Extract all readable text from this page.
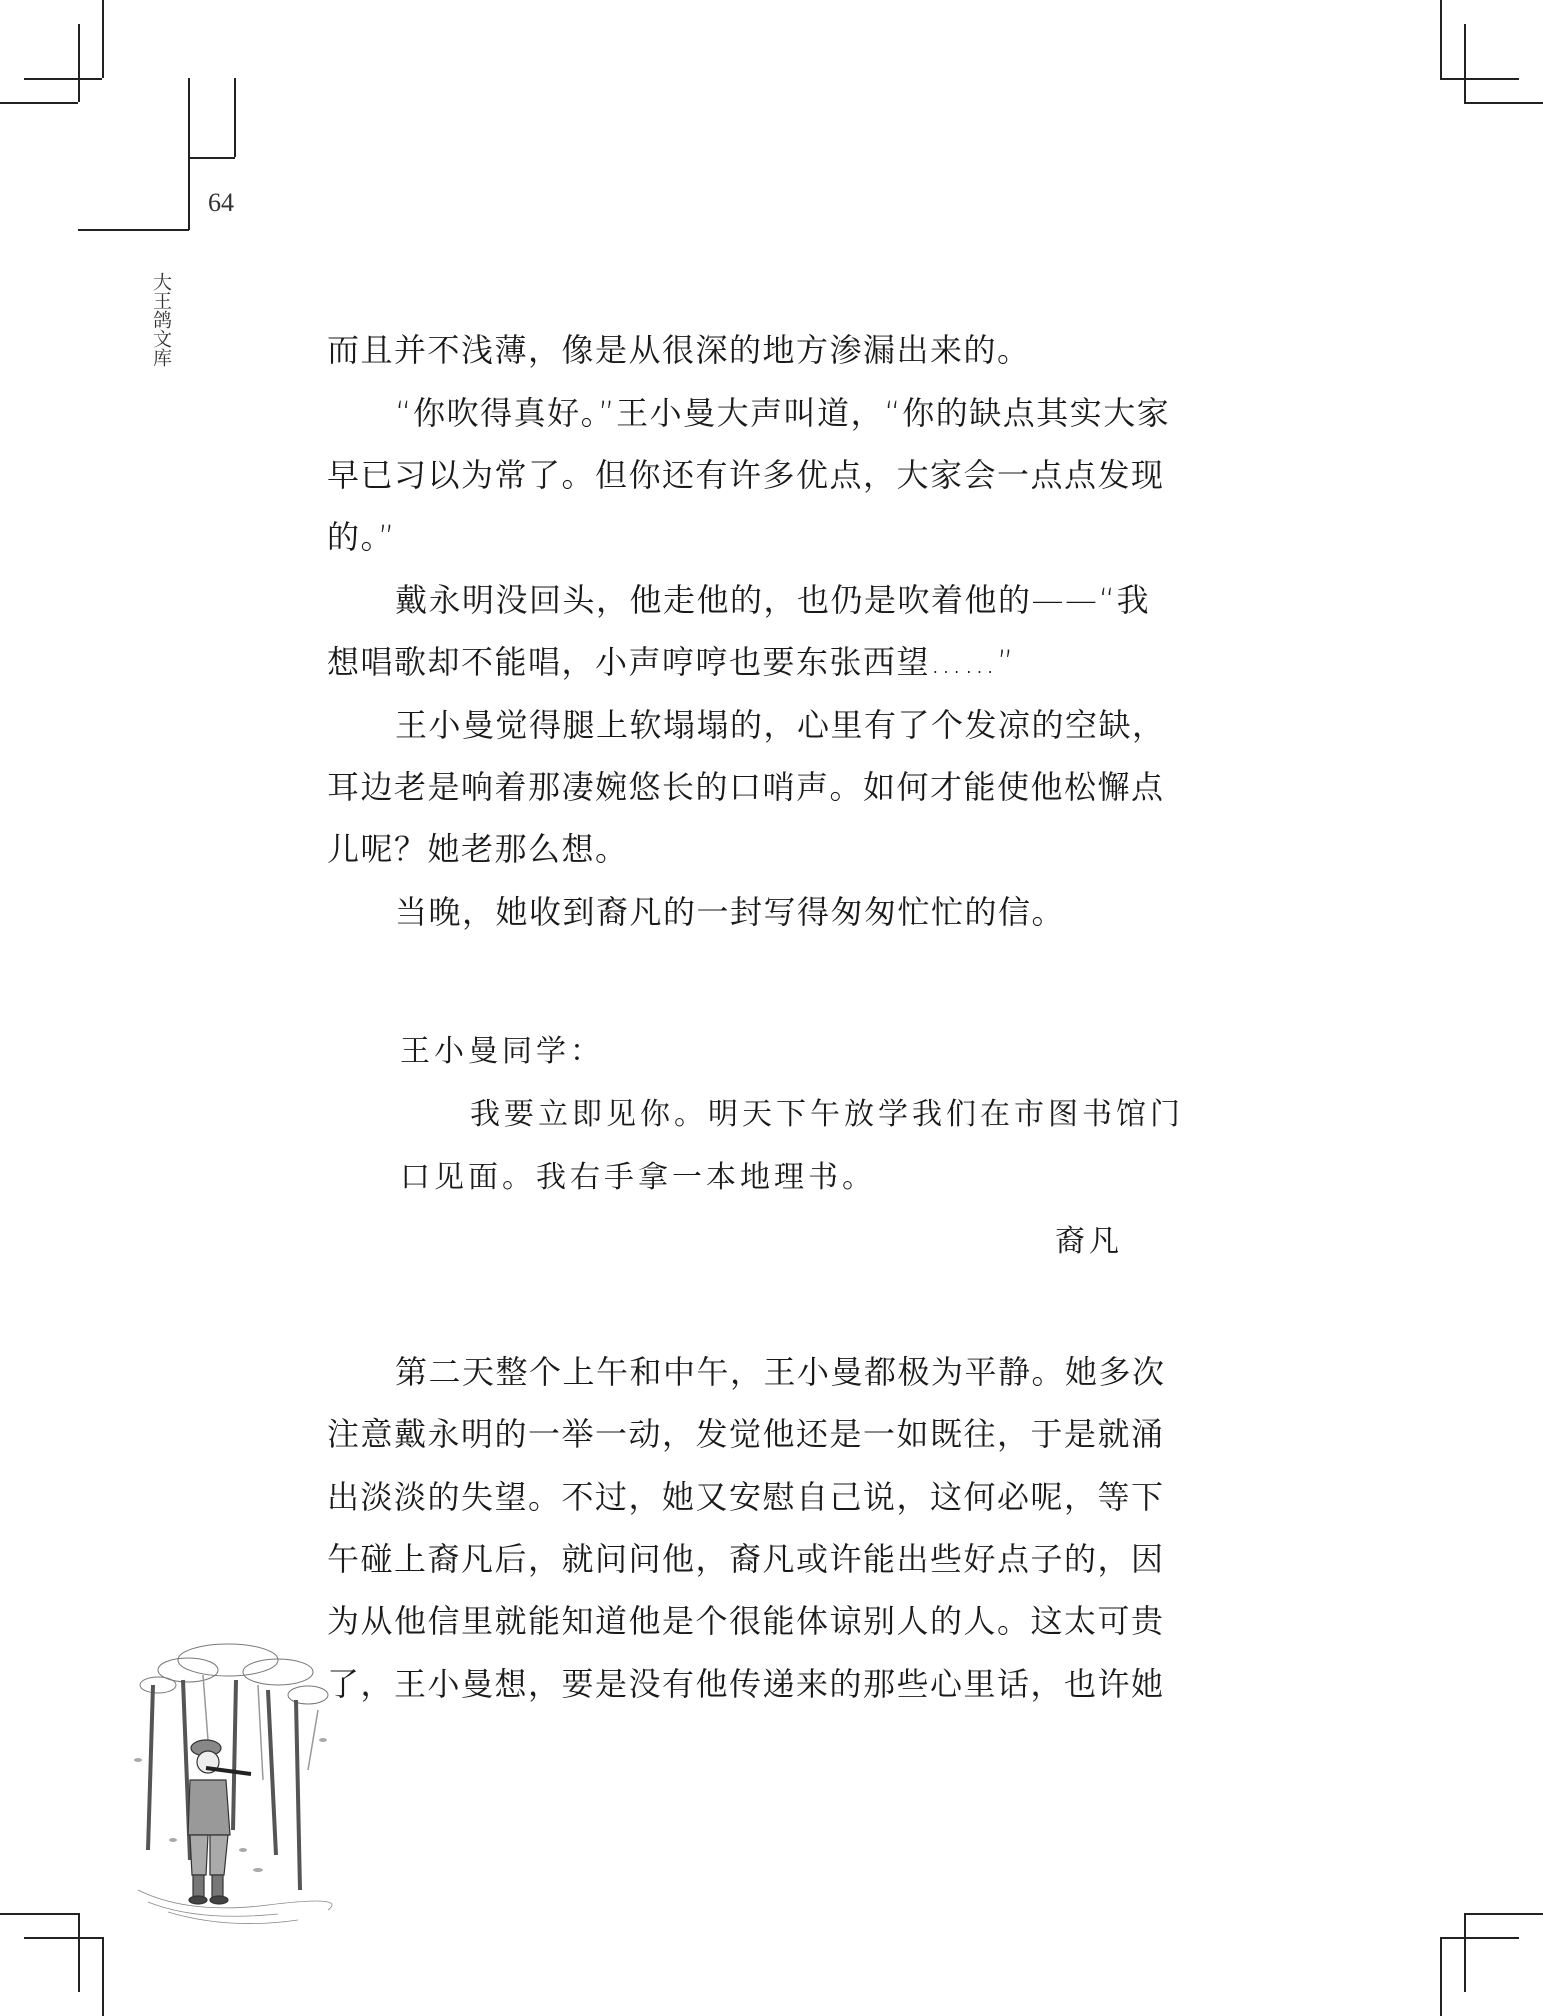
64
大王鸽文库	而且并不浅薄，像是从很深的地方渗漏出来的。
“你吹得真好。”王小曼大声叫道，“你的缺点其实大家
早已习以为常了。但你还有许多优点，大家会一点点发现
的。”
戴永明没回头，他走他的，也仍是吹着他的——“我
想唱歌却不能唱，小声哼哼也要东张西望……”
王小曼觉得腿上软塌塌的，心里有了个发凉的空缺，
耳边老是响着那凄婉悠长的口哨声。如何才能使他松懈点
儿呢？她老那么想。
当晚，她收到裔凡的一封写得匆匆忙忙的信。
王小曼同学：
我要立即见你。明天下午放学我们在市图书馆门
口见面。我右手拿一本地理书。
裔凡
第二天整个上午和中午，王小曼都极为平静。她多次
注意戴永明的一举一动，发觉他还是一如既往，于是就涌
出淡淡的失望。不过，她又安慰自己说，这何必呢，等下
午碰上裔凡后，就问问他，裔凡或许能出些好点子的，因
为从他信里就能知道他是个很能体谅别人的人。这太可贵
了，王小曼想，要是没有他传递来的那些心里话，也许她
